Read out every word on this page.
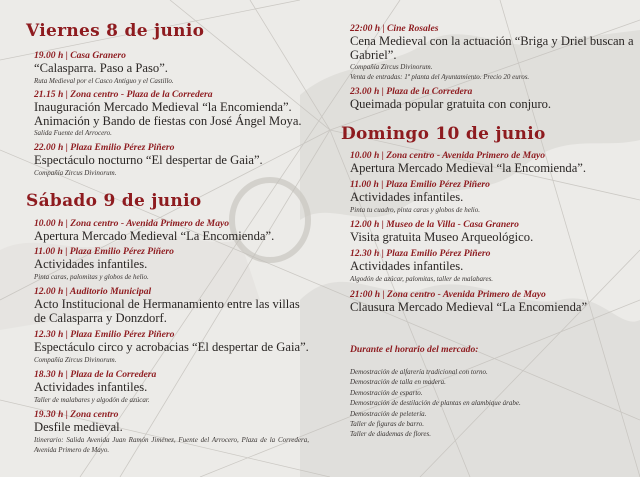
Viernes 8 de junio
19.00 h | Casa Granero
“Calasparra. Paso a Paso”.
Ruta Medieval por el Casco Antiguo y el Castillo.
21.15 h | Zona centro - Plaza de la Corredera
Inauguración Mercado Medieval “la Encomienda”. Animación y Bando de fiestas con José Ángel Moya.
Salida Fuente del Arrocero.
22.00 h | Plaza Emilio Pérez Piñero
Espectáculo nocturno “El despertar de Gaia”.
Compañía Zircus Divinorum.
Sábado 9 de junio
10.00 h | Zona centro - Avenida Primero de Mayo
Apertura Mercado Medieval “La Encomienda”.
11.00 h | Plaza Emilio Pérez Piñero
Actividades infantiles.
Pinta caras, palomitas y globos de helio.
12.00 h | Auditorio Municipal
Acto Institucional de Hermanamiento entre las villas de Calasparra y Donzdorf.
12.30 h | Plaza Emilio Pérez Piñero
Espectáculo circo y acrobacias “El despertar de Gaia”.
Compañía Zircus Divinorum.
18.30 h | Plaza de la Corredera
Actividades infantiles.
Taller de malabares y algodón de azúcar.
19.30 h | Zona centro
Desfile medieval.
Itinerario: Salida Avenida Juan Ramón Jiménez, Fuente del Arrocero, Plaza de la Corredera, Avenida Primero de Mayo.
22:00 h | Cine Rosales
Cena Medieval con la actuación “Briga y Driel buscan a Gabriel”.
Compañía Zircus Divinorum.
Venta de entradas: 1ª planta del Ayuntamiento. Precio 20 euros.
23.00 h | Plaza de la Corredera
Queimada popular gratuita con conjuro.
Domingo 10 de junio
10.00 h | Zona centro - Avenida Primero de Mayo
Apertura Mercado Medieval “la Encomienda”.
11.00 h | Plaza Emilio Pérez Piñero
Actividades infantiles.
Pinta tu cuadro, pinta caras y globos de helio.
12.00 h | Museo de la Villa - Casa Granero
Visita gratuita Museo Arqueológico.
12.30 h | Plaza Emilio Pérez Piñero
Actividades infantiles.
Algodón de azúcar, palomitas, taller de malabares.
21:00 h | Zona centro - Avenida Primero de Mayo
Clausura Mercado Medieval “La Encomienda”
Durante el horario del mercado:
Demostración de alfarería tradicional con torno.
Demostración de talla en madera.
Demostración de esparto.
Demostración de destilación de plantas en alambique árabe.
Demostración de peletería.
Taller de figuras de barro.
Taller de diademas de flores.
